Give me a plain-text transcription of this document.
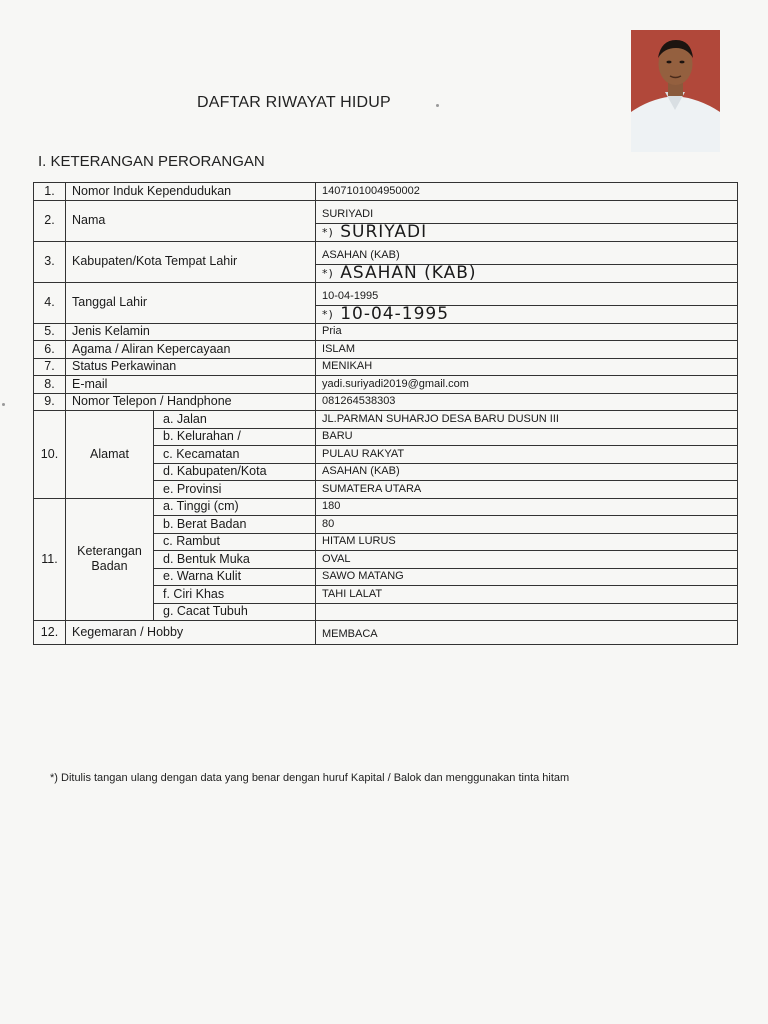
DAFTAR RIWAYAT HIDUP
I. KETERANGAN PERORANGAN
1.	Nomor Induk Kependudukan		1407101004950002
2.	Nama		SURIYADI
			*) SURIYADI
3.	Kabupaten/Kota Tempat Lahir		ASAHAN (KAB)
			*) ASAHAN (KAB)
4.	Tanggal Lahir		10-04-1995
			*) 10-04-1995
5.	Jenis Kelamin		Pria
6.	Agama / Aliran Kepercayaan		ISLAM
7.	Status Perkawinan		MENIKAH
8.	E-mail		yadi.suriyadi2019@gmail.com
9.	Nomor Telepon / Handphone		081264538303
10.	Alamat	a. Jalan	JL.PARMAN SUHARJO DESA BARU DUSUN III
		b. Kelurahan /	BARU
		c. Kecamatan	PULAU RAKYAT
		d. Kabupaten/Kota	ASAHAN (KAB)
		e. Provinsi	SUMATERA UTARA
11.	Keterangan
Badan	a. Tinggi (cm)	180
		b. Berat Badan	80
		c. Rambut	HITAM LURUS
		d. Bentuk Muka	OVAL
		e. Warna Kulit	SAWO MATANG
		f. Ciri Khas	TAHI LALAT
		g. Cacat Tubuh	
12.	Kegemaran / Hobby		MEMBACA
*) Ditulis tangan ulang dengan data yang benar dengan huruf Kapital / Balok dan menggunakan tinta hitam
